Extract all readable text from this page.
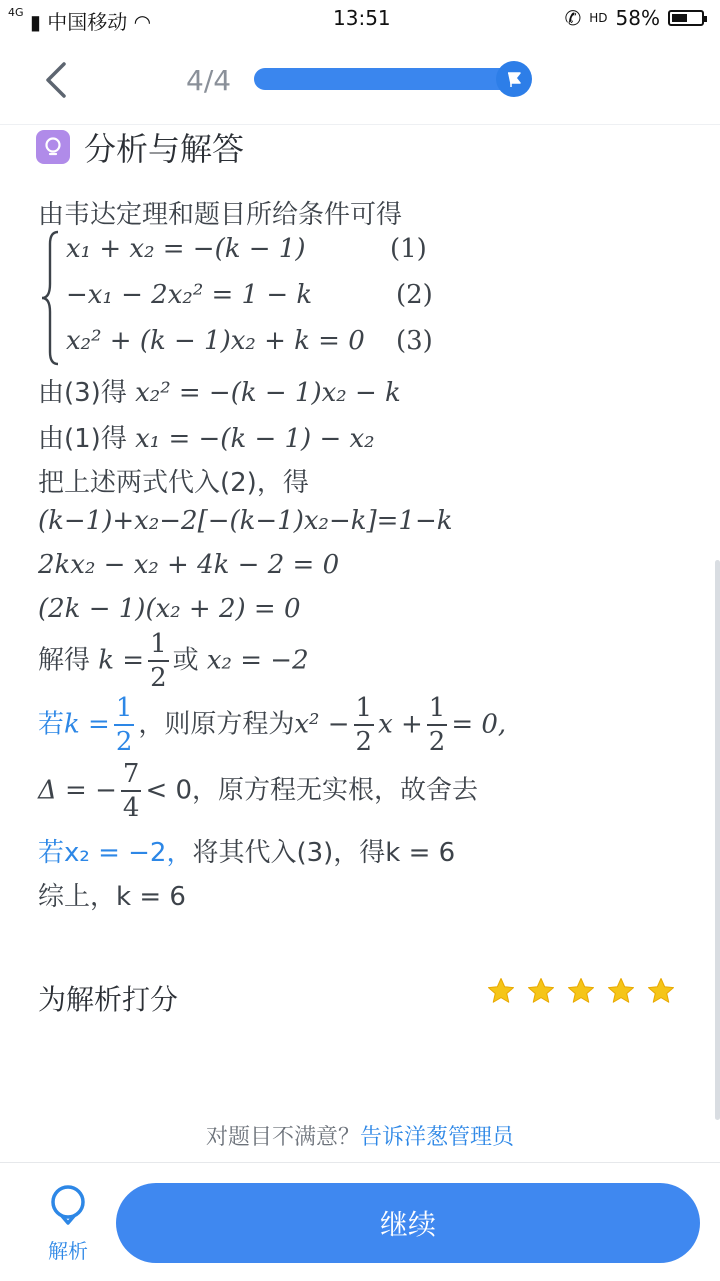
$^{4G}$ ▮ 中国移动 ◠	13:51	✆ HD 58%
4/4
分析与解答
由韦达定理和题目所给条件可得
x₁ + x₂ = −(k − 1)	(1)
−x₁ − 2x₂² = 1 − k	(2)
x₂² + (k − 1)x₂ + k = 0 (3)
由(3)得 x₂² = −(k − 1)x₂ − k
由(1)得 x₁ = −(k − 1) − x₂
把上述两式代入(2)，得
(k−1)+x₂−2[−(k−1)x₂−k]=1−k
2kx₂ − x₂ + 4k − 2 = 0
(2k − 1)(x₂ + 2) = 0
解得 $k = \frac{1}{2}$ 或 x₂ = −2
若$k = \frac{1}{2}$ ，则原方程为$x^2 - \frac{1}{2}$ $x + \frac{1}{2} = 0$,
Δ = − $\frac{7}{4} < 0$，原方程无实根，故舍去
若x₂ = −2，将其代入(3)，得k = 6
综上，k = 6
为解析打分
对题目不满意？告诉洋葱管理员
解析
继续
